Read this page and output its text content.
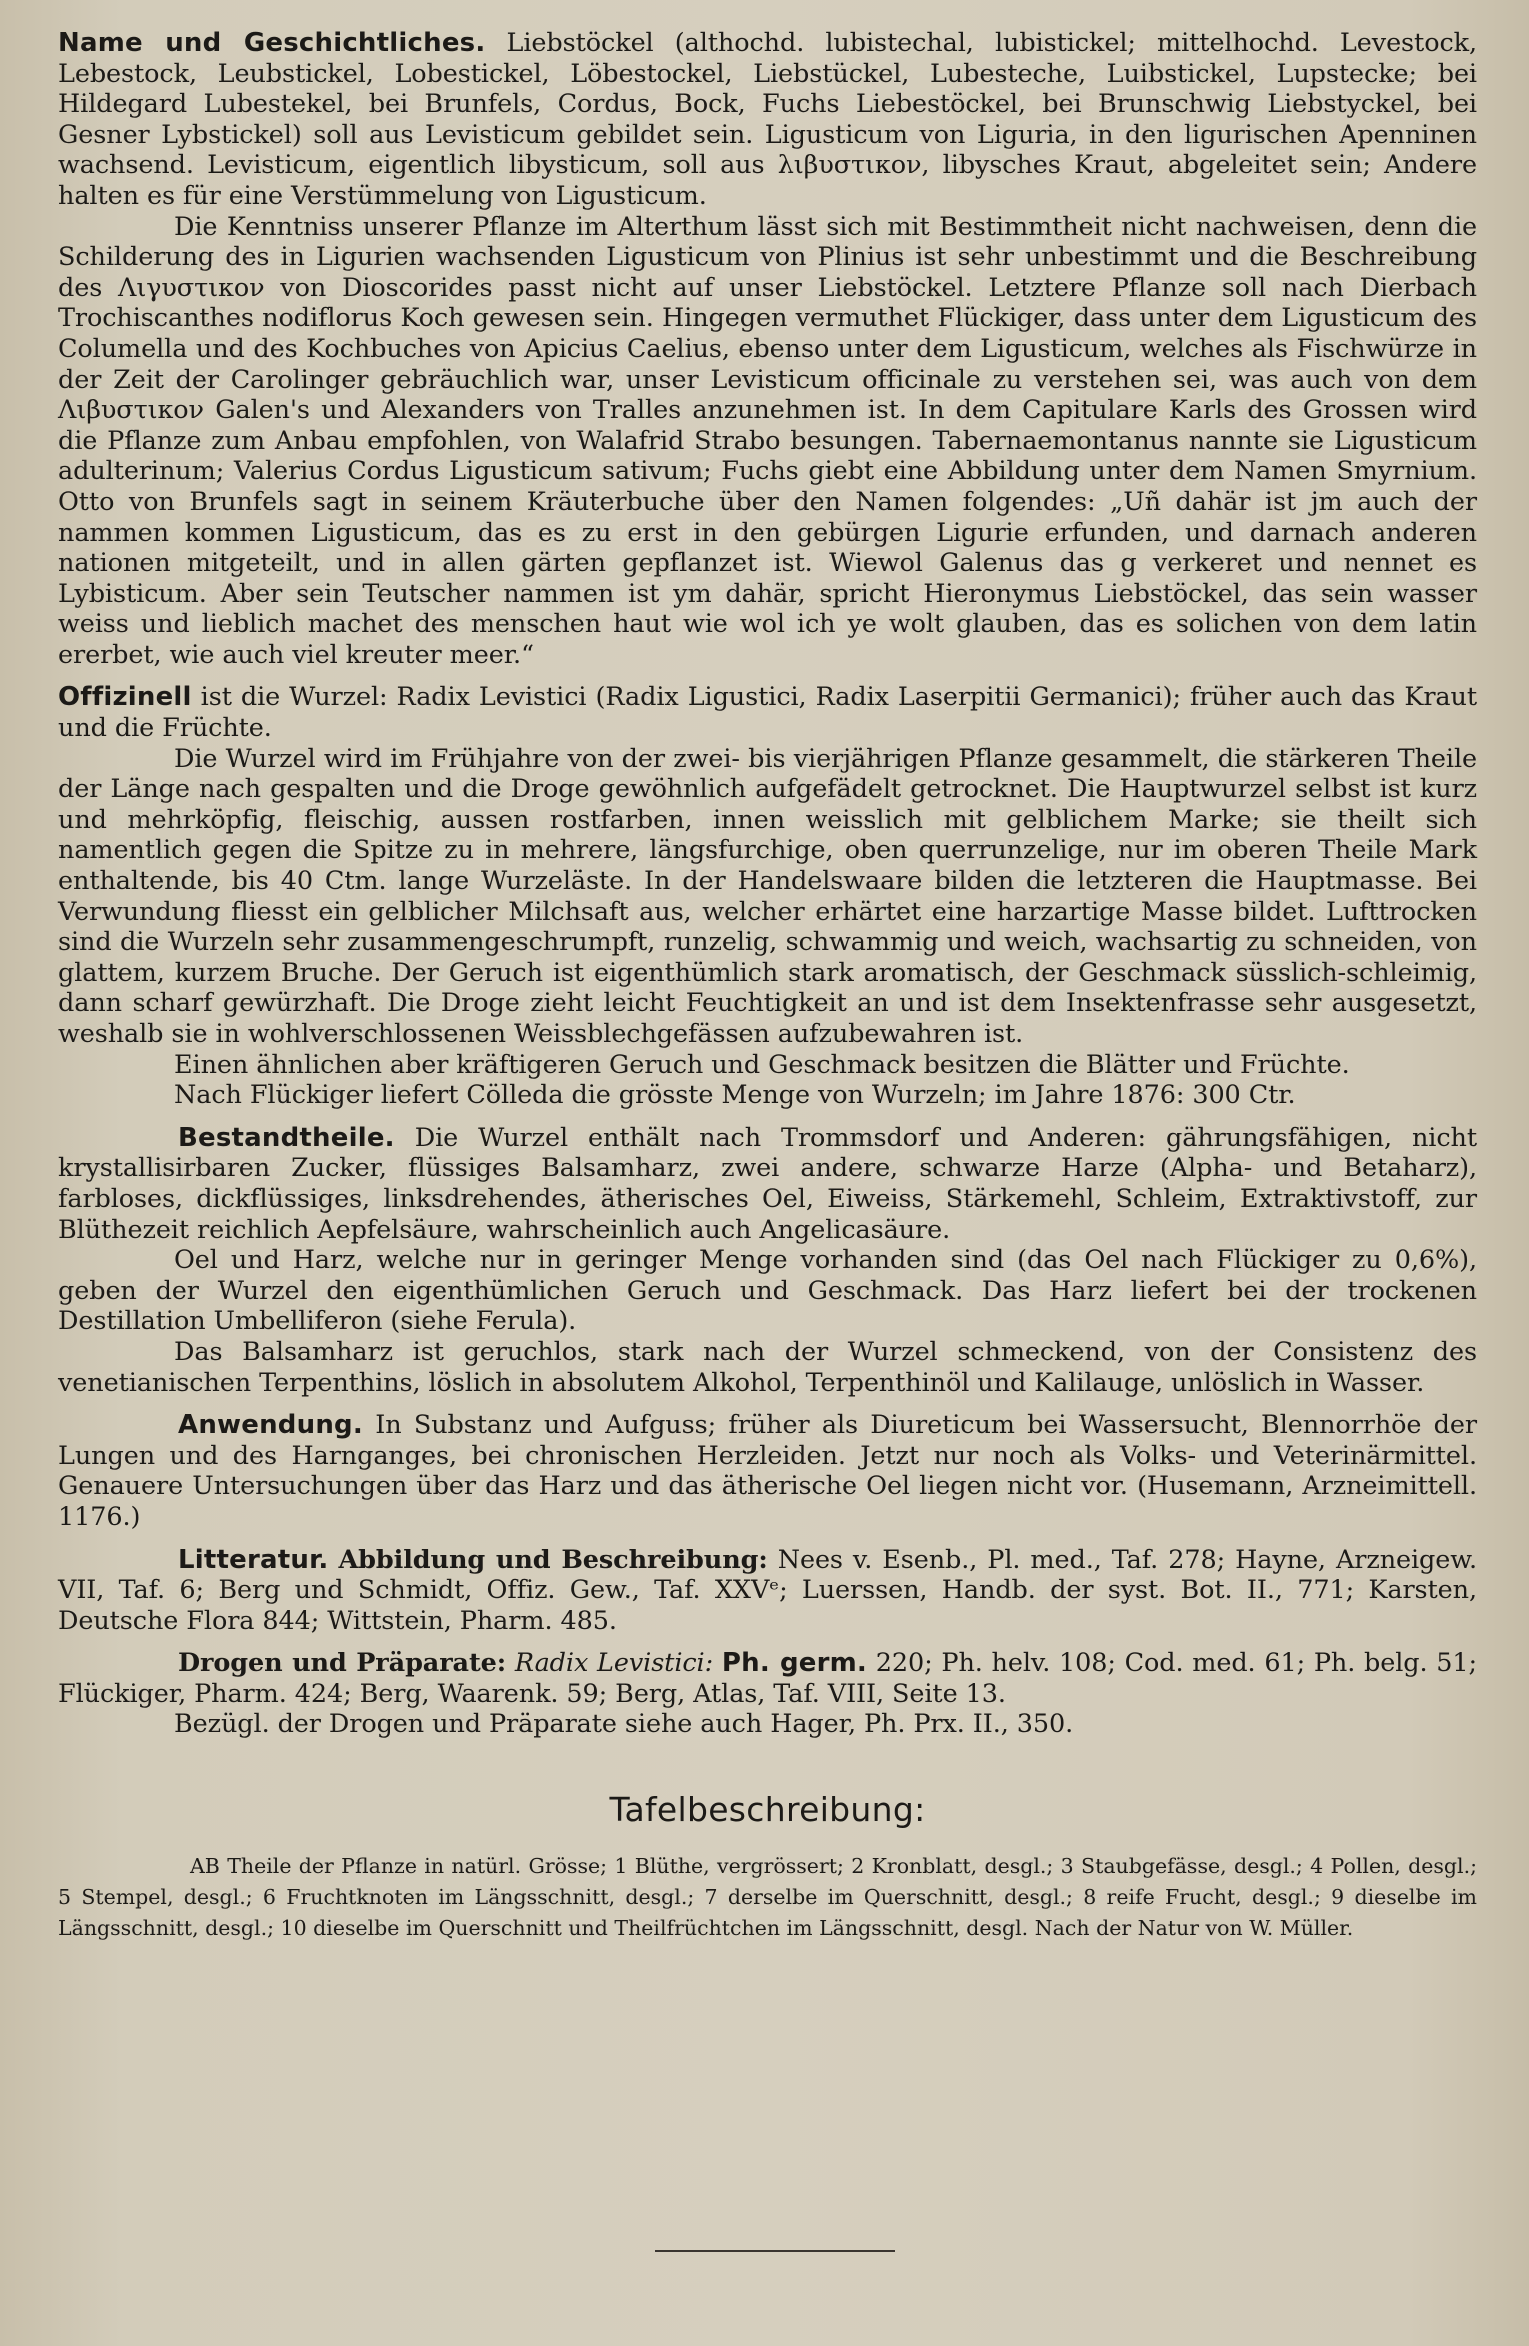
Name und Geschichtliches. Liebstöckel (althochd. lubistechal, lubistickel; mittelhochd. Levestock, Lebestock, Leubstickel, Lobestickel, Löbestockel, Liebstückel, Lubesteche, Luibstickel, Lupstecke; bei Hildegard Lubestekel, bei Brunfels, Cordus, Bock, Fuchs Liebestöckel, bei Brunschwig Liebstyckel, bei Gesner Lybstickel) soll aus Levisticum gebildet sein. Ligusticum von Liguria, in den ligurischen Apenninen wachsend. Levisticum, eigentlich libysticum, soll aus λιβυστικον, libysches Kraut, abgeleitet sein; Andere halten es für eine Verstümmelung von Ligusticum.

Die Kenntniss unserer Pflanze im Alterthum lässt sich mit Bestimmtheit nicht nachweisen, denn die Schilderung des in Ligurien wachsenden Ligusticum von Plinius ist sehr unbestimmt und die Beschreibung des Λιγυστικον von Dioscorides passt nicht auf unser Liebstöckel. Letztere Pflanze soll nach Dierbach Trochiscanthes nodiflorus Koch gewesen sein. Hingegen vermuthet Flückiger, dass unter dem Ligusticum des Columella und des Kochbuches von Apicius Caelius, ebenso unter dem Ligusticum, welches als Fischwürze in der Zeit der Carolinger gebräuchlich war, unser Levisticum officinale zu verstehen sei, was auch von dem Λιβυστικον Galen's und Alexanders von Tralles anzunehmen ist. In dem Capitulare Karls des Grossen wird die Pflanze zum Anbau empfohlen, von Walafrid Strabo besungen. Tabernaemontanus nannte sie Ligusticum adulterinum; Valerius Cordus Ligusticum sativum; Fuchs giebt eine Abbildung unter dem Namen Smyrnium. Otto von Brunfels sagt in seinem Kräuterbuche über den Namen folgendes: „Uñ dahär ist jm auch der nammen kommen Ligusticum, das es zu erst in den gebürgen Ligurie erfunden, und darnach anderen nationen mitgeteilt, und in allen gärten gepflanzet ist. Wiewol Galenus das g verkeret und nennet es Lybisticum. Aber sein Teutscher nammen ist ym dahär, spricht Hieronymus Liebstöckel, das sein wasser weiss und lieblich machet des menschen haut wie wol ich ye wolt glauben, das es solichen von dem latin ererbet, wie auch viel kreuter meer.“

Offizinell ist die Wurzel: Radix Levistici (Radix Ligustici, Radix Laserpitii Germanici); früher auch das Kraut und die Früchte.

Die Wurzel wird im Frühjahre von der zwei- bis vierjährigen Pflanze gesammelt, die stärkeren Theile der Länge nach gespalten und die Droge gewöhnlich aufgefädelt getrocknet. Die Hauptwurzel selbst ist kurz und mehrköpfig, fleischig, aussen rostfarben, innen weisslich mit gelblichem Marke; sie theilt sich namentlich gegen die Spitze zu in mehrere, längsfurchige, oben querrunzelige, nur im oberen Theile Mark enthaltende, bis 40 Ctm. lange Wurzeläste. In der Handelswaare bilden die letzteren die Hauptmasse. Bei Verwundung fliesst ein gelblicher Milchsaft aus, welcher erhärtet eine harzartige Masse bildet. Lufttrocken sind die Wurzeln sehr zusammengeschrumpft, runzelig, schwammig und weich, wachsartig zu schneiden, von glattem, kurzem Bruche. Der Geruch ist eigenthümlich stark aromatisch, der Geschmack süsslich-schleimig, dann scharf gewürzhaft. Die Droge zieht leicht Feuchtigkeit an und ist dem Insektenfrasse sehr ausgesetzt, weshalb sie in wohlverschlossenen Weissblechgefässen aufzubewahren ist.

Einen ähnlichen aber kräftigeren Geruch und Geschmack besitzen die Blätter und Früchte.

Nach Flückiger liefert Cölleda die grösste Menge von Wurzeln; im Jahre 1876: 300 Ctr.

Bestandtheile. Die Wurzel enthält nach Trommsdorf und Anderen: gährungsfähigen, nicht krystallisirbaren Zucker, flüssiges Balsamharz, zwei andere, schwarze Harze (Alpha- und Betaharz), farbloses, dickflüssiges, linksdrehendes, ätherisches Oel, Eiweiss, Stärkemehl, Schleim, Extraktivstoff, zur Blüthezeit reichlich Aepfelsäure, wahrscheinlich auch Angelicasäure.

Oel und Harz, welche nur in geringer Menge vorhanden sind (das Oel nach Flückiger zu 0,6%), geben der Wurzel den eigenthümlichen Geruch und Geschmack. Das Harz liefert bei der trockenen Destillation Umbelliferon (siehe Ferula).

Das Balsamharz ist geruchlos, stark nach der Wurzel schmeckend, von der Consistenz des venetianischen Terpenthins, löslich in absolutem Alkohol, Terpenthinöl und Kalilauge, unlöslich in Wasser.

Anwendung. In Substanz und Aufguss; früher als Diureticum bei Wassersucht, Blennorrhöe der Lungen und des Harnganges, bei chronischen Herzleiden. Jetzt nur noch als Volks- und Veterinärmittel. Genauere Untersuchungen über das Harz und das ätherische Oel liegen nicht vor. (Husemann, Arzneimittell. 1176.)

Litteratur. Abbildung und Beschreibung: Nees v. Esenb., Pl. med., Taf. 278; Hayne, Arzneigew. VII, Taf. 6; Berg und Schmidt, Offiz. Gew., Taf. XXVᵉ; Luerssen, Handb. der syst. Bot. II., 771; Karsten, Deutsche Flora 844; Wittstein, Pharm. 485.

Drogen und Präparate: Radix Levistici: Ph. germ. 220; Ph. helv. 108; Cod. med. 61; Ph. belg. 51; Flückiger, Pharm. 424; Berg, Waarenk. 59; Berg, Atlas, Taf. VIII, Seite 13.

Bezügl. der Drogen und Präparate siehe auch Hager, Ph. Prx. II., 350.

Tafelbeschreibung:
AB Theile der Pflanze in natürl. Grösse; 1 Blüthe, vergrössert; 2 Kronblatt, desgl.; 3 Staubgefässe, desgl.; 4 Pollen, desgl.; 5 Stempel, desgl.; 6 Fruchtknoten im Längsschnitt, desgl.; 7 derselbe im Querschnitt, desgl.; 8 reife Frucht, desgl.; 9 dieselbe im Längsschnitt, desgl.; 10 dieselbe im Querschnitt und Theilfrüchtchen im Längsschnitt, desgl. Nach der Natur von W. Müller.
